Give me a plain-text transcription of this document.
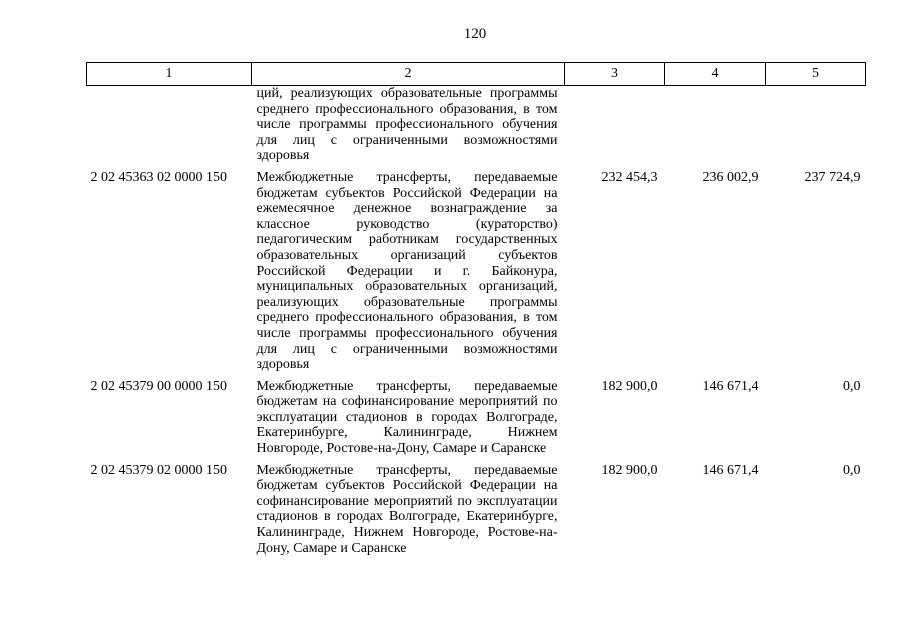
120
1	2	3	4	5
	ций, реализующих образовательные программы среднего профессионального образования, в том числе программы профессионального обучения для лиц с ограниченными возможностями здоровья			
2 02 45363 02 0000 150	Межбюджетные трансферты, передаваемые бюджетам субъектов Российской Федерации на ежемесячное денежное вознаграждение за классное руководство (кураторство) педагогическим работникам государственных образовательных организаций субъектов Российской Федерации и г. Байконура, муниципальных образовательных организаций, реализующих образовательные программы среднего профессионального образования, в том числе программы профессионального обучения для лиц с ограниченными возможностями здоровья	232 454,3	236 002,9	237 724,9
2 02 45379 00 0000 150	Межбюджетные трансферты, передаваемые бюджетам на софинансирование мероприятий по эксплуатации стадионов в городах Волгограде, Екатеринбурге, Калининграде, Нижнем Новгороде, Ростове-на-Дону, Самаре и Саранске	182 900,0	146 671,4	0,0
2 02 45379 02 0000 150	Межбюджетные трансферты, передаваемые бюджетам субъектов Российской Федерации на софинансирование мероприятий по эксплуатации стадионов в городах Волгограде, Екатеринбурге, Калининграде, Нижнем Новгороде, Ростове-на-Дону, Самаре и Саранске	182 900,0	146 671,4	0,0
